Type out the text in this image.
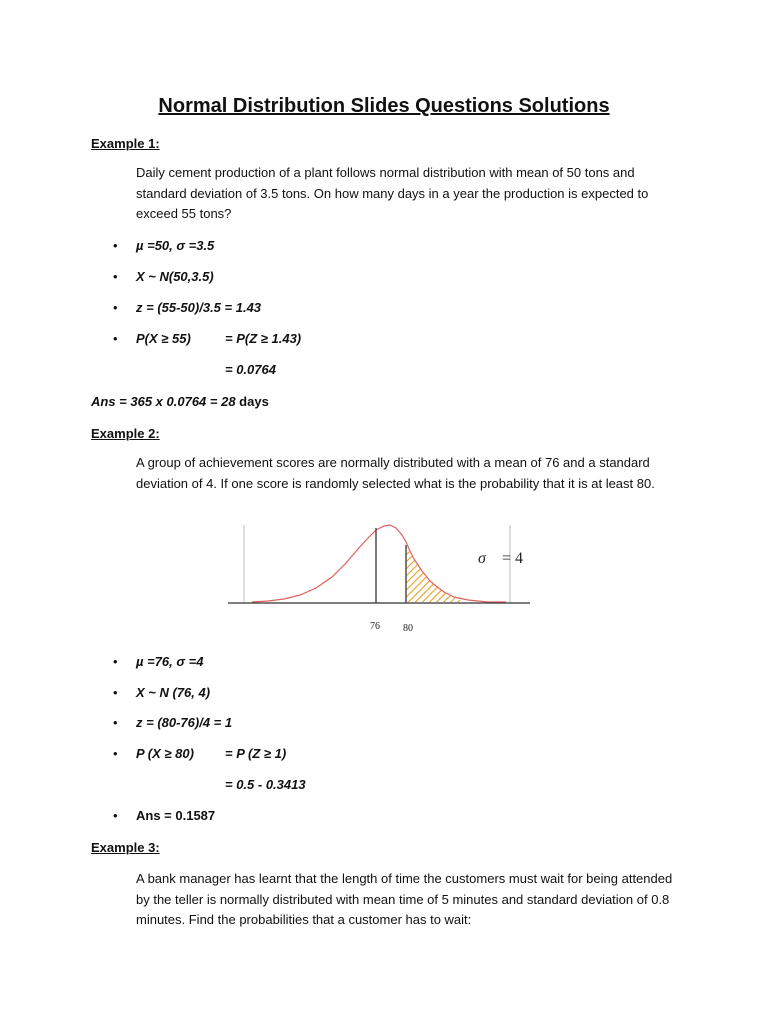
Normal Distribution Slides Questions Solutions
Example 1:
Daily cement production of a plant follows normal distribution with mean of 50 tons and standard deviation of 3.5 tons. On how many days in a year the production is expected to exceed 55 tons?
• µ =50, σ =3.5
• X ~ N(50,3.5)
• z = (55-50)/3.5 = 1.43
• P(X ≥ 55)	= P(Z ≥ 1.43)
= 0.0764
Ans = 365 x 0.0764 = 28 days
Example 2:
A group of achievement scores are normally distributed with a mean of 76 and a standard deviation of 4. If one score is randomly selected what is the probability that it is at least 80.
76 80
σ = 4
• µ =76, σ =4
• X ~ N (76, 4)
• z = (80-76)/4 = 1
• P (X ≥ 80) = P (Z ≥ 1)
= 0.5 - 0.3413
• Ans = 0.1587
Example 3:
A bank manager has learnt that the length of time the customers must wait for being attended by the teller is normally distributed with mean time of 5 minutes and standard deviation of 0.8 minutes. Find the probabilities that a customer has to wait:
